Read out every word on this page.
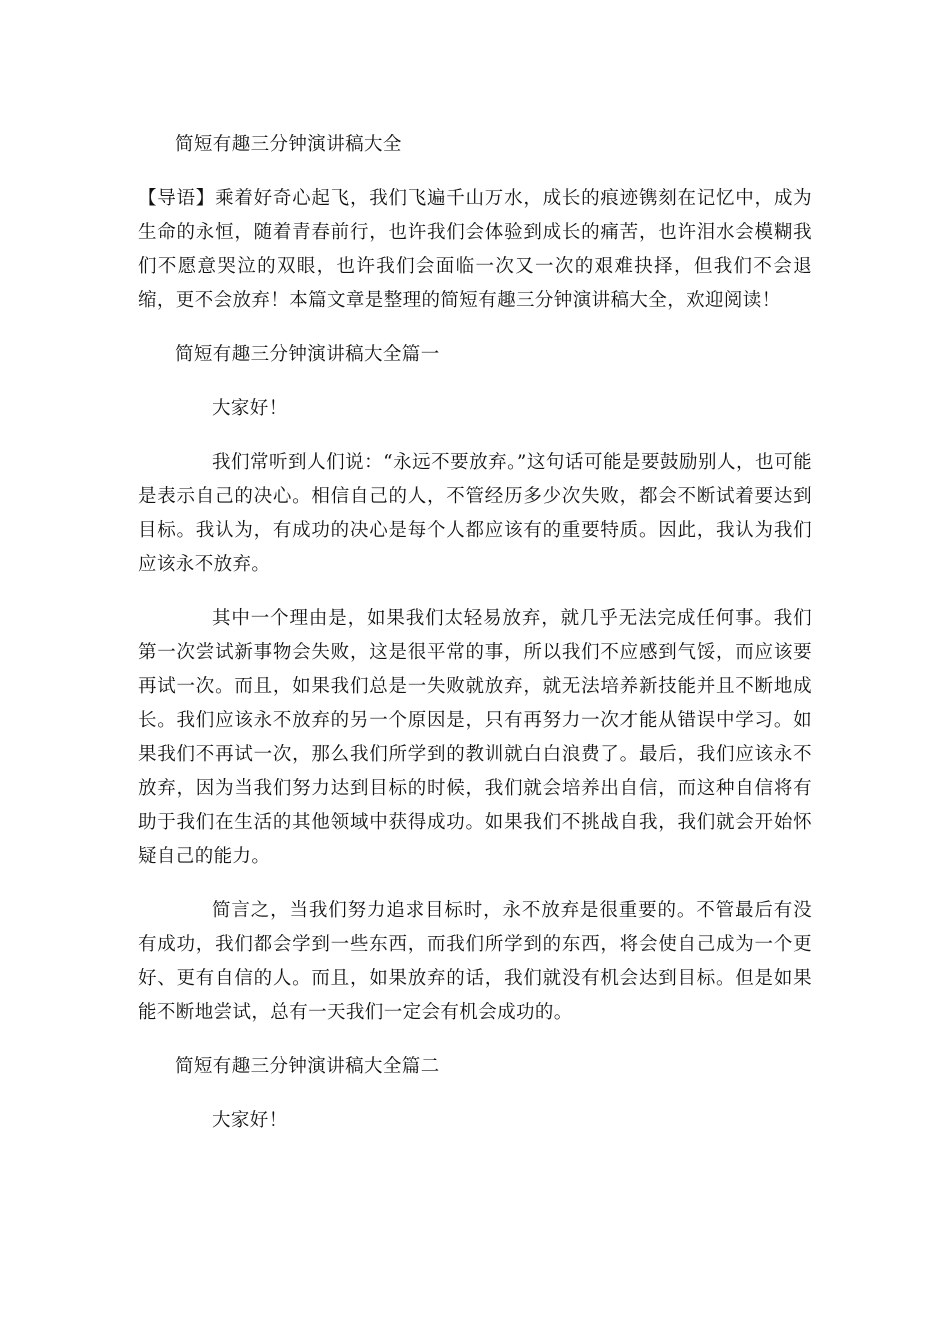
简短有趣三分钟演讲稿大全

【导语】乘着好奇心起飞，我们飞遍千山万水，成长的痕迹镌刻在记忆中，成为生命的永恒，随着青春前行，也许我们会体验到成长的痛苦，也许泪水会模糊我们不愿意哭泣的双眼，也许我们会面临一次又一次的艰难抉择，但我们不会退缩，更不会放弃！本篇文章是整理的简短有趣三分钟演讲稿大全，欢迎阅读！

简短有趣三分钟演讲稿大全篇一

大家好！

我们常听到人们说：“永远不要放弃。”这句话可能是要鼓励别人，也可能是表示自己的决心。相信自己的人，不管经历多少次失败，都会不断试着要达到目标。我认为，有成功的决心是每个人都应该有的重要特质。因此，我认为我们应该永不放弃。

其中一个理由是，如果我们太轻易放弃，就几乎无法完成任何事。我们第一次尝试新事物会失败，这是很平常的事，所以我们不应感到气馁，而应该要再试一次。而且，如果我们总是一失败就放弃，就无法培养新技能并且不断地成长。我们应该永不放弃的另一个原因是，只有再努力一次才能从错误中学习。如果我们不再试一次，那么我们所学到的教训就白白浪费了。最后，我们应该永不放弃，因为当我们努力达到目标的时候，我们就会培养出自信，而这种自信将有助于我们在生活的其他领域中获得成功。如果我们不挑战自我，我们就会开始怀疑自己的能力。

简言之，当我们努力追求目标时，永不放弃是很重要的。不管最后有没有成功，我们都会学到一些东西，而我们所学到的东西，将会使自己成为一个更好、更有自信的人。而且，如果放弃的话，我们就没有机会达到目标。但是如果能不断地尝试，总有一天我们一定会有机会成功的。

简短有趣三分钟演讲稿大全篇二

大家好！
